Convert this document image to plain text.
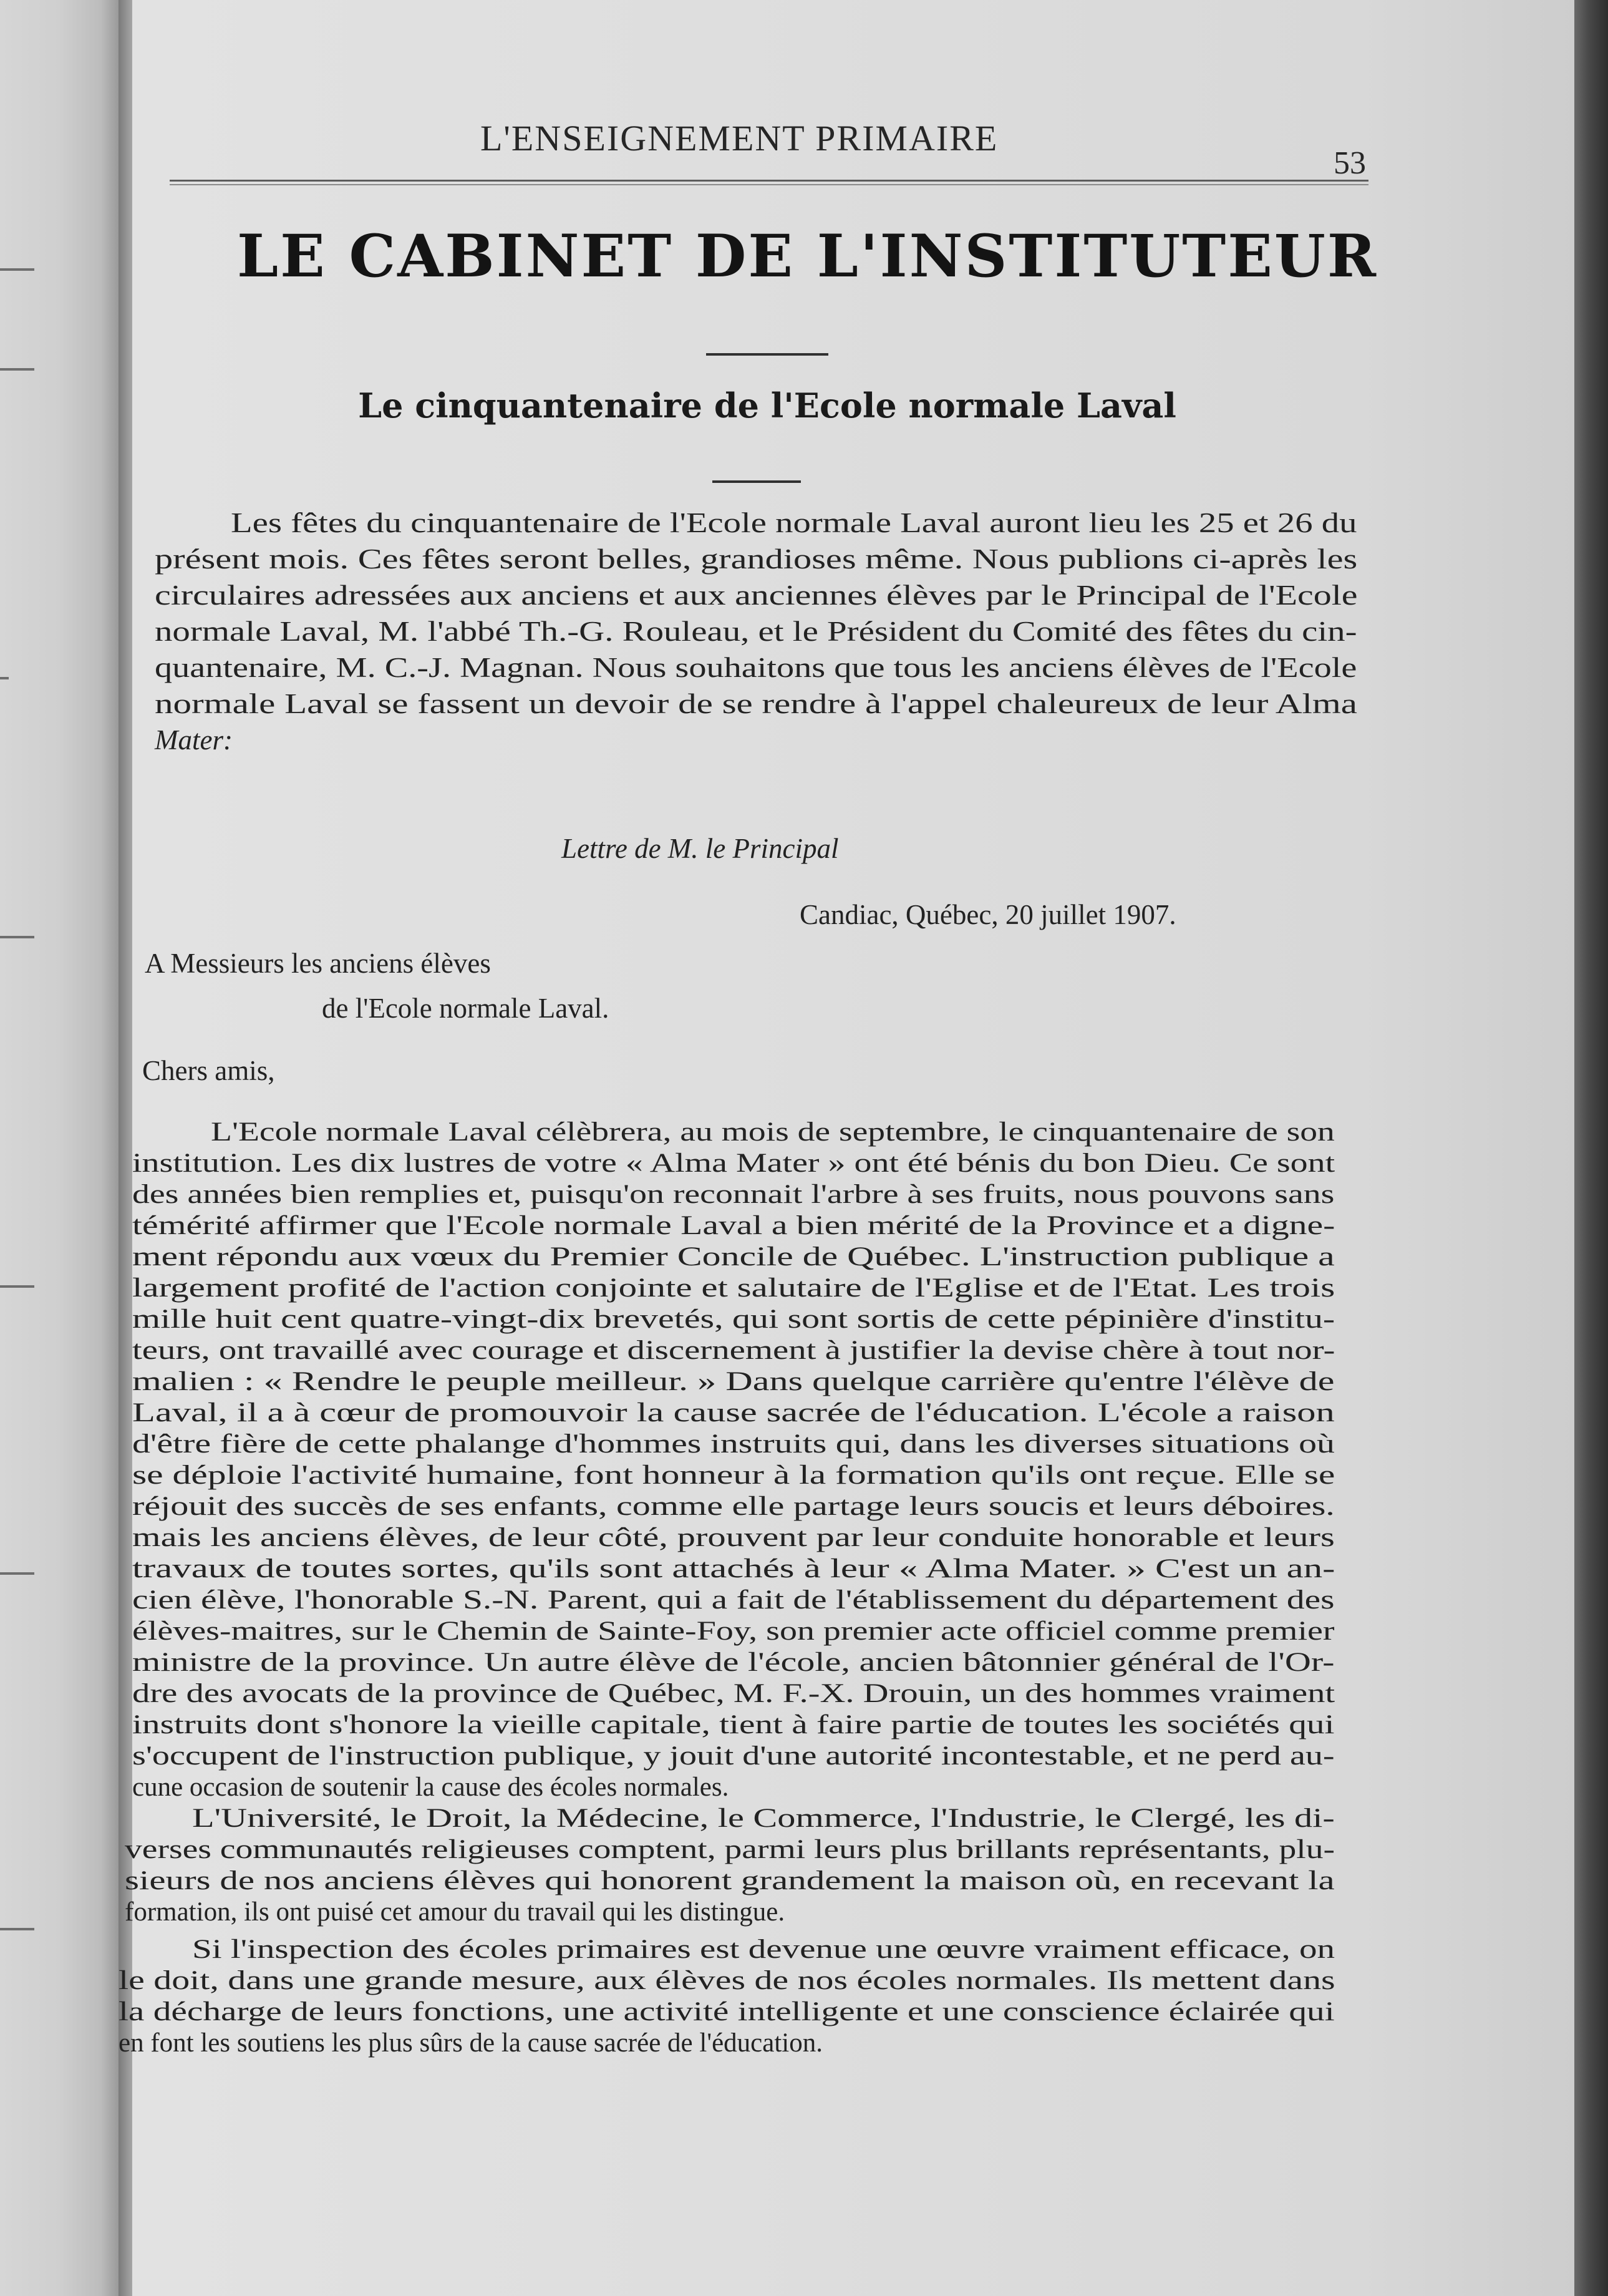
L'ENSEIGNEMENT PRIMAIRE
53
LE CABINET DE L'INSTITUTEUR
Le cinquantenaire de l'Ecole normale Laval
Les fêtes du cinquantenaire de l'Ecole normale Laval auront lieu les 25 et 26 du
présent mois. Ces fêtes seront belles, grandioses même. Nous publions ci-après les
circulaires adressées aux anciens et aux anciennes élèves par le Principal de l'Ecole
normale Laval, M. l'abbé Th.-G. Rouleau, et le Président du Comité des fêtes du cin-
quantenaire, M. C.-J. Magnan. Nous souhaitons que tous les anciens élèves de l'Ecole
normale Laval se fassent un devoir de se rendre à l'appel chaleureux de leur Alma
Mater:
Lettre de M. le Principal
Candiac, Québec, 20 juillet 1907.
A Messieurs les anciens élèves
de l'Ecole normale Laval.
Chers amis,
L'Ecole normale Laval célèbrera, au mois de septembre, le cinquantenaire de son
institution. Les dix lustres de votre « Alma Mater » ont été bénis du bon Dieu. Ce sont
des années bien remplies et, puisqu'on reconnait l'arbre à ses fruits, nous pouvons sans
témérité affirmer que l'Ecole normale Laval a bien mérité de la Province et a digne-
ment répondu aux vœux du Premier Concile de Québec. L'instruction publique a
largement profité de l'action conjointe et salutaire de l'Eglise et de l'Etat. Les trois
mille huit cent quatre-vingt-dix brevetés, qui sont sortis de cette pépinière d'institu-
teurs, ont travaillé avec courage et discernement à justifier la devise chère à tout nor-
malien : « Rendre le peuple meilleur. » Dans quelque carrière qu'entre l'élève de
Laval, il a à cœur de promouvoir la cause sacrée de l'éducation. L'école a raison
d'être fière de cette phalange d'hommes instruits qui, dans les diverses situations où
se déploie l'activité humaine, font honneur à la formation qu'ils ont reçue. Elle se
réjouit des succès de ses enfants, comme elle partage leurs soucis et leurs déboires.
mais les anciens élèves, de leur côté, prouvent par leur conduite honorable et leurs
travaux de toutes sortes, qu'ils sont attachés à leur « Alma Mater. » C'est un an-
cien élève, l'honorable S.-N. Parent, qui a fait de l'établissement du département des
élèves-maitres, sur le Chemin de Sainte-Foy, son premier acte officiel comme premier
ministre de la province. Un autre élève de l'école, ancien bâtonnier général de l'Or-
dre des avocats de la province de Québec, M. F.-X. Drouin, un des hommes vraiment
instruits dont s'honore la vieille capitale, tient à faire partie de toutes les sociétés qui
s'occupent de l'instruction publique, y jouit d'une autorité incontestable, et ne perd au-
cune occasion de soutenir la cause des écoles normales.
L'Université, le Droit, la Médecine, le Commerce, l'Industrie, le Clergé, les di-
verses communautés religieuses comptent, parmi leurs plus brillants représentants, plu-
sieurs de nos anciens élèves qui honorent grandement la maison où, en recevant la
formation, ils ont puisé cet amour du travail qui les distingue.
Si l'inspection des écoles primaires est devenue une œuvre vraiment efficace, on
le doit, dans une grande mesure, aux élèves de nos écoles normales. Ils mettent dans
la décharge de leurs fonctions, une activité intelligente et une conscience éclairée qui
en font les soutiens les plus sûrs de la cause sacrée de l'éducation.
